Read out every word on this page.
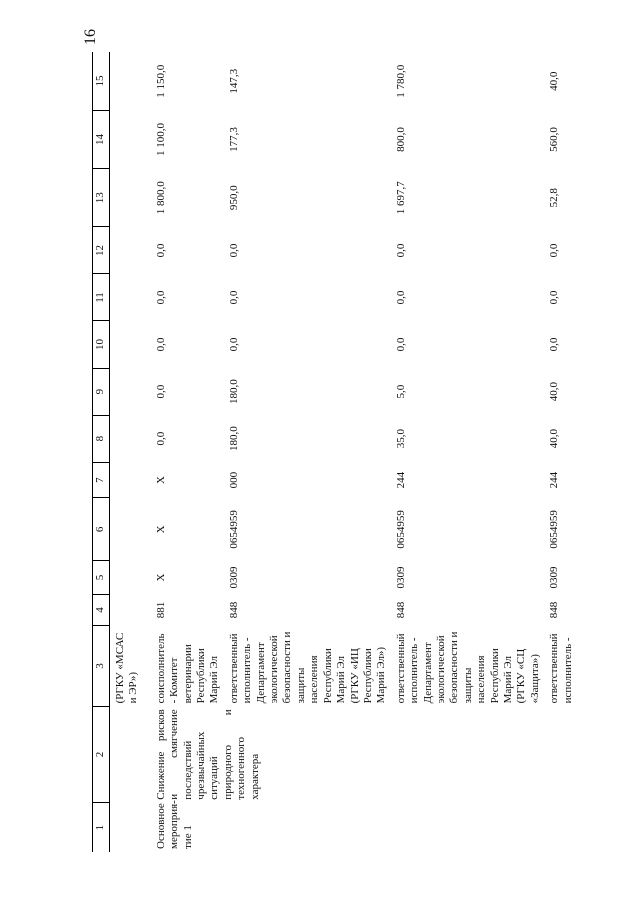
16
1	2	3	4	5	6	7	8	9	10	11	12	13	14	15
		(РГКУ «МСАС и ЭР»)												
Основное мероприя-тие 1	Снижение рисков и смягчение последствий чрезвычайных ситуаций природного и техногенного характера	соисполнитель - Комитет ветеринарии Республики Марий Эл	881	X	X	X	0,0	0,0	0,0	0,0	0,0	1 800,0	1 100,0	1 150,0
		ответственный исполнитель - Департамент экологической безопасности и защиты населения Республики Марий Эл (РГКУ «ИЦ Республики Марий Эл»)	848	0309	0654959	000	180,0	180,0	0,0	0,0	0,0	950,0	177,3	147,3
		ответственный исполнитель - Департамент экологической безопасности и защиты населения Республики Марий Эл (РГКУ «СЦ «Защита»)	848	0309	0654959	244	35,0	5,0	0,0	0,0	0,0	1 697,7	800,0	1 780,0
		ответственный исполнитель -	848	0309	0654959	244	40,0	40,0	0,0	0,0	0,0	52,8	560,0	40,0
